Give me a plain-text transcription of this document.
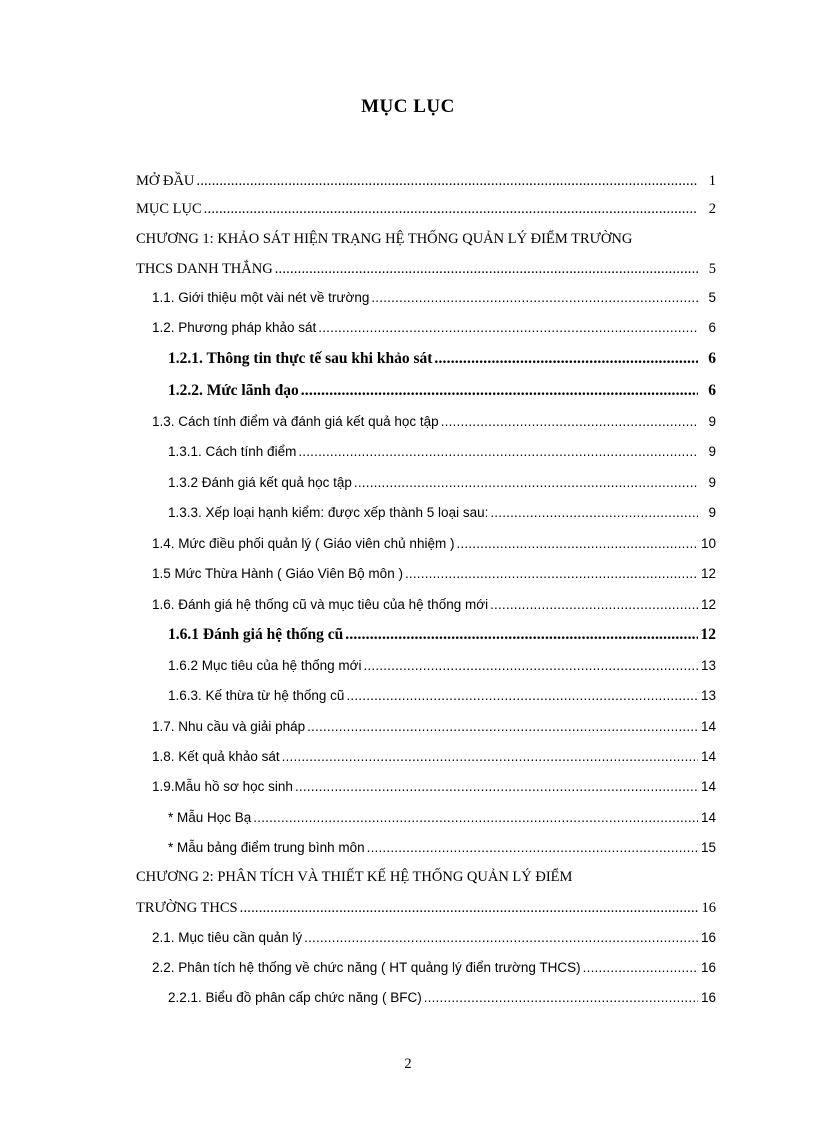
MỤC LỤC
MỞ ĐẦU .....	1
MỤC LỤC .....	2
CHƯƠNG 1: KHẢO SÁT HIỆN TRẠNG HỆ THỐNG QUẢN LÝ ĐIỂM TRƯỜNG
THCS DANH THẮNG .....	5
1.1. Giới thiệu một vài nét về trường .....	5
1.2. Phương pháp khảo sát .....	6
1.2.1. Thông tin thực tế sau khi khảo sát .....	6
1.2.2. Mức lãnh đạo .....	6
1.3. Cách tính điểm và đánh giá kết quả học tập .....	9
1.3.1. Cách tính điểm .....	9
1.3.2 Đánh giá kết quả học tập .....	9
1.3.3. Xếp loại hạnh kiểm: được xếp thành 5 loại sau: .....	9
1.4. Mức điều phối quản lý ( Giáo viên chủ nhiệm ) .....	10
1.5 Mức Thừa Hành ( Giáo Viên Bộ môn ) .....	12
1.6. Đánh giá hệ thống cũ và mục tiêu của hệ thống mới .....	12
1.6.1 Đánh giá hệ thống cũ .....	12
1.6.2 Mục tiêu của hệ thống mới .....	13
1.6.3. Kế thừa từ hệ thống cũ .....	13
1.7. Nhu cầu và giải pháp .....	14
1.8. Kết quả khảo sát .....	14
1.9.Mẫu hồ sơ học sinh .....	14
* Mẫu Học Bạ .....	14
* Mẫu bảng điểm trung bình môn .....	15
CHƯƠNG 2: PHÂN TÍCH VÀ THIẾT KẾ HỆ THỐNG QUẢN LÝ ĐIỂM
TRƯỜNG THCS .....	16
2.1. Mục tiêu cần quản lý .....	16
2.2. Phân tích hệ thống về chức năng ( HT quảng lý điển trường THCS) .....	16
2.2.1. Biểu đồ phân cấp chức năng ( BFC) .....	16
2
